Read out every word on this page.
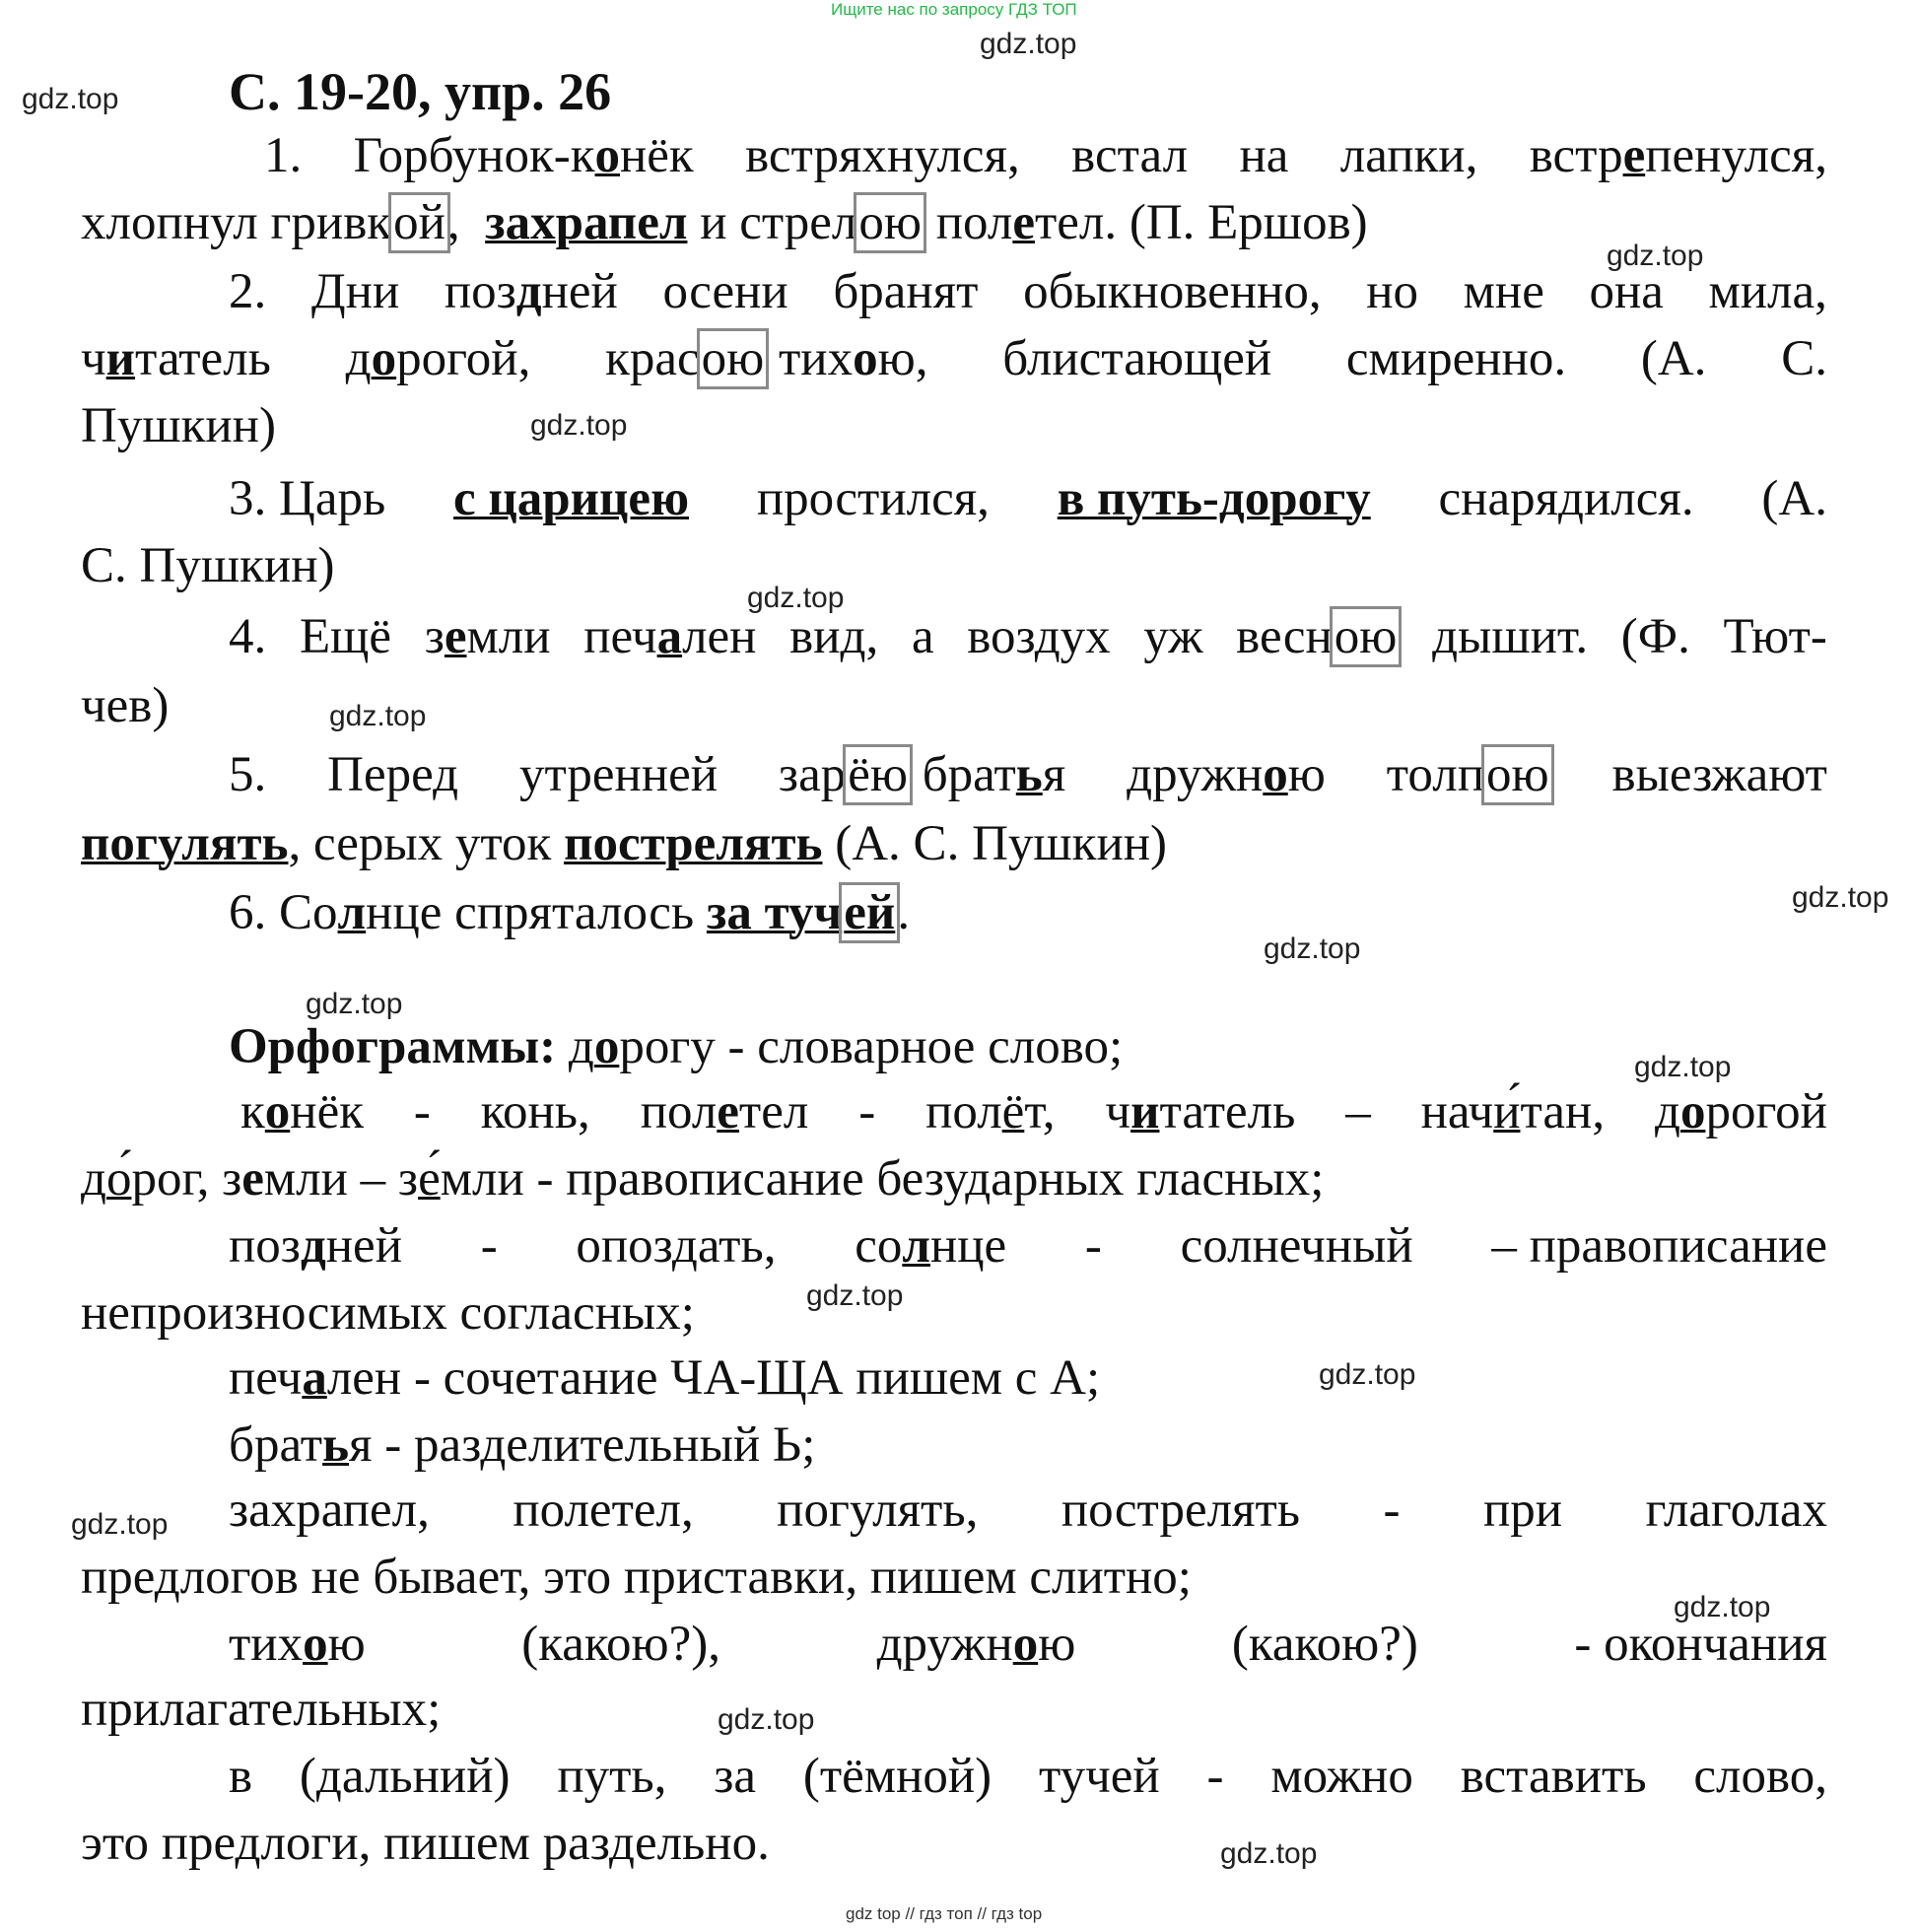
Ищите нас по запросу ГДЗ ТОП
gdz top // гдз топ // гдз top
gdz.top
gdz.top
gdz.top
gdz.top
gdz.top
gdz.top
gdz.top
gdz.top
gdz.top
gdz.top
gdz.top
gdz.top
gdz.top
gdz.top
gdz.top
gdz.top
С. 19-20, упр. 26
1. Горбунок-конёк встряхнулся, встал на лапки, встрепенулся,
хлопнул гривкой,  захрапел и стрелою полетел. (П. Ершов)
2. Дни поздней осени бранят обыкновенно, но мне она мила,
читатель дорогой, красою тихою, блистающей смиренно. (А. С.
Пушкин)
3. Царь с царицею простился, в путь-дорогу снарядился. (А.
С. Пушкин)
4. Ещё земли печален вид, а воздух уж весною дышит. (Ф. Тют-
чев)
5. Перед утренней зарёю братья дружною толпою выезжают
погулять, серых уток пострелять (А. С. Пушкин)
6. Солнце спряталось за тучей.
Орфограммы: дорогу - словарное слово;
конёк - конь, полетел - полёт, читатель – начи́тан, дорогой
до́рог, земли – зе́мли - правописание безударных гласных;
поздней - опоздать, солнце - солнечный – правописание
непроизносимых согласных;
печален - сочетание ЧА-ЩА пишем с А;
братья - разделительный Ь;
захрапел, полетел, погулять, пострелять - при глаголах
предлогов не бывает, это приставки, пишем слитно;
тихою	(какою?),	дружною	(какою?)	- окончания
прилагательных;
в (дальний) путь, за (тёмной) тучей - можно вставить слово,
это предлоги, пишем раздельно.
